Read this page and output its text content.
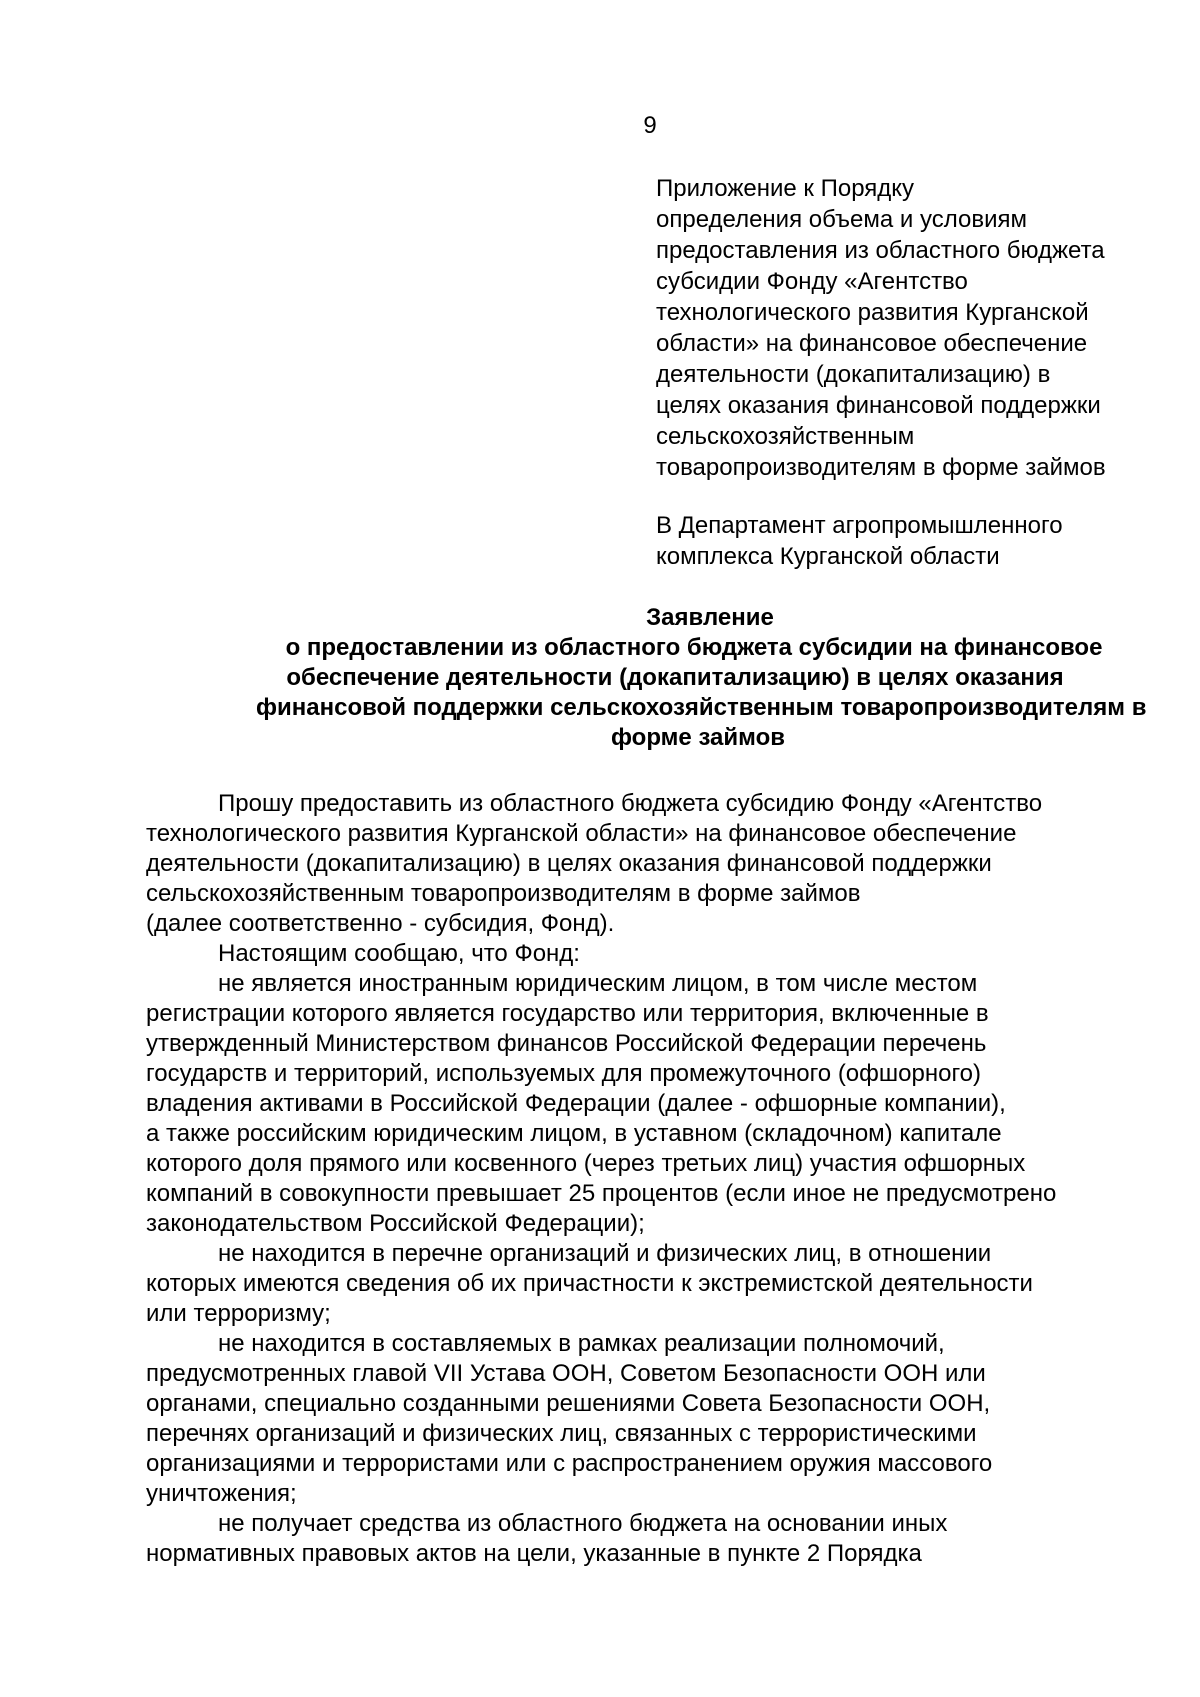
9
Приложение к Порядку
определения объема и условиям
предоставления из областного бюджета
субсидии Фонду «Агентство
технологического развития Курганской
области» на финансовое обеспечение
деятельности (докапитализацию) в
целях оказания финансовой поддержки
сельскохозяйственным
товаропроизводителям в форме займов
В Департамент агропромышленного
комплекса Курганской области
Заявление
о предоставлении из областного бюджета субсидии на финансовое
обеспечение деятельности (докапитализацию) в целях оказания
финансовой поддержки сельскохозяйственным товаропроизводителям в
форме займов
Прошу предоставить из областного бюджета субсидию Фонду «Агентство
технологического развития Курганской области» на финансовое обеспечение
деятельности (докапитализацию) в целях оказания финансовой поддержки
сельскохозяйственным товаропроизводителям в форме займов
(далее соответственно - субсидия, Фонд).
Настоящим сообщаю, что Фонд:
не является иностранным юридическим лицом, в том числе местом
регистрации которого является государство или территория, включенные в
утвержденный Министерством финансов Российской Федерации перечень
государств и территорий, используемых для промежуточного (офшорного)
владения активами в Российской Федерации (далее - офшорные компании),
а также российским юридическим лицом, в уставном (складочном) капитале
которого доля прямого или косвенного (через третьих лиц) участия офшорных
компаний в совокупности превышает 25 процентов (если иное не предусмотрено
законодательством Российской Федерации);
не находится в перечне организаций и физических лиц, в отношении
которых имеются сведения об их причастности к экстремистской деятельности
или терроризму;
не находится в составляемых в рамках реализации полномочий,
предусмотренных главой VII Устава ООН, Советом Безопасности ООН или
органами, специально созданными решениями Совета Безопасности ООН,
перечнях организаций и физических лиц, связанных с террористическими
организациями и террористами или с распространением оружия массового
уничтожения;
не получает средства из областного бюджета на основании иных
нормативных правовых актов на цели, указанные в пункте 2 Порядка
